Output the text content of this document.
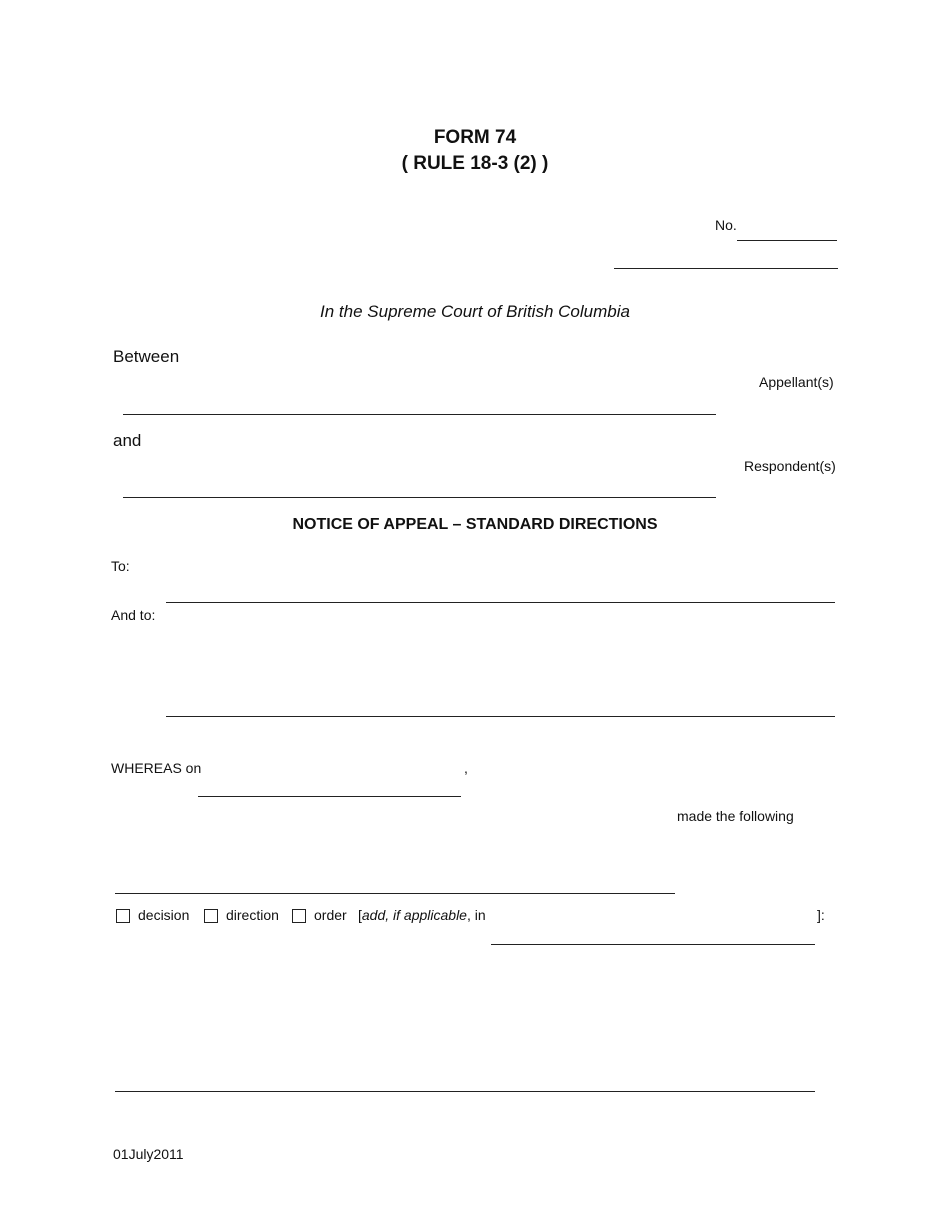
FORM 74
( RULE 18-3 (2) )
No.
In the Supreme Court of British Columbia
Between
Appellant(s)
and
Respondent(s)
NOTICE OF APPEAL – STANDARD DIRECTIONS
To:
And to:
WHEREAS on	,
made the following
decision	direction	order [add, if applicable, in	]:
01July2011
